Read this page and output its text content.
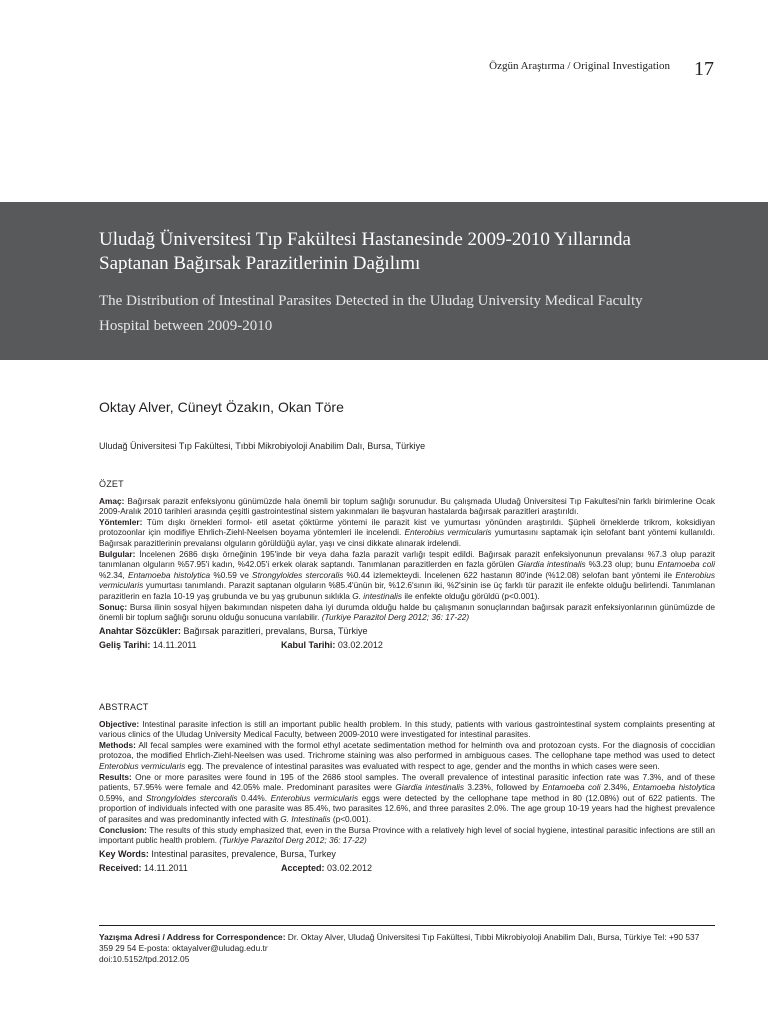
Özgün Araştırma / Original Investigation 17
Uludağ Üniversitesi Tıp Fakültesi Hastanesinde 2009-2010 Yıllarında
Saptanan Bağırsak Parazitlerinin Dağılımı
The Distribution of Intestinal Parasites Detected in the Uludag University Medical Faculty
Hospital between 2009-2010
Oktay Alver, Cüneyt Özakın, Okan Töre
Uludağ Üniversitesi Tıp Fakültesi, Tıbbi Mikrobiyoloji Anabilim Dalı, Bursa, Türkiye
ÖZET

Amaç: Bağırsak parazit enfeksiyonu günümüzde hala önemli bir toplum sağlığı sorunudur. Bu çalışmada Uludağ Üniversitesi Tıp Fakultesi'nin farklı birimlerine Ocak 2009-Aralık 2010 tarihleri arasında çeşitli gastrointestinal sistem yakınmaları ile başvuran hastalarda bağırsak parazitleri araştırıldı.
Yöntemler: Tüm dışkı örnekleri formol- etil asetat çöktürme yöntemi ile parazit kist ve yumurtası yönünden araştırıldı. Şüpheli örneklerde trikrom, koksidiyan protozoonlar için modifiye Ehrlich-Ziehl-Neelsen boyama yöntemleri ile incelendi. Enterobius vermicularis yumurtasını saptamak için selofant bant yöntemi kullanıldı. Bağırsak parazitlerinin prevalansı olguların görüldüğü aylar, yaşı ve cinsi dikkate alınarak irdelendi.
Bulgular: İncelenen 2686 dışkı örneğinin 195'inde bir veya daha fazla parazit varlığı tespit edildi. Bağırsak parazit enfeksiyonunun prevalansı %7.3 olup parazit tanımlanan olguların %57.95'i kadın, %42.05'i erkek olarak saptandı. Tanımlanan parazitlerden en fazla görülen Giardia intestinalis %3.23 olup; bunu Entamoeba coli %2.34, Entamoeba histolytica %0.59 ve Strongyloides stercoralis %0.44 izlemekteydi. İncelenen 622 hastanın 80'inde (%12.08) selofan bant yöntemi ile Enterobius vermicularis yumurtası tanımlandı. Parazit saptanan olguların %85.4'ünün bir, %12.6'sının iki, %2'sinin ise üç farklı tür parazit ile enfekte olduğu belirlendi. Tanımlanan parazitlerin en fazla 10-19 yaş grubunda ve bu yaş grubunun sıklıkla G. intestinalis ile enfekte olduğu görüldü (p<0.001).
Sonuç: Bursa ilinin sosyal hijyen bakımından nispeten daha iyi durumda olduğu halde bu çalışmanın sonuçlarından bağırsak parazit enfeksiyonlarının günümüzde de önemli bir toplum sağlığı sorunu olduğu sonucuna varılabilir. (Turkiye Parazitol Derg 2012; 36: 17-22)

Anahtar Sözcükler: Bağırsak parazitleri, prevalans, Bursa, Türkiye
Geliş Tarihi: 14.11.2011	Kabul Tarihi: 03.02.2012
ABSTRACT

Objective: Intestinal parasite infection is still an important public health problem. In this study, patients with various gastrointestinal system complaints presenting at various clinics of the Uludag University Medical Faculty, between 2009-2010 were investigated for intestinal parasites.
Methods: All fecal samples were examined with the formol ethyl acetate sedimentation method for helminth ova and protozoan cysts. For the diagnosis of coccidian protozoa, the modified Ehrlich-Ziehl-Neelsen was used. Trichrome staining was also performed in ambiguous cases. The cellophane tape method was used to detect Enterobius vermicularis egg. The prevalence of intestinal parasites was evaluated with respect to age, gender and the months in which cases were seen.
Results: One or more parasites were found in 195 of the 2686 stool samples. The overall prevalence of intestinal parasitic infection rate was 7.3%, and of these patients, 57.95% were female and 42.05% male. Predominant parasites were Giardia intestinalis 3.23%, followed by Entamoeba coli 2.34%, Entamoeba histolytica 0.59%, and Strongyloides stercoralis 0.44%. Enterobius vermicularis eggs were detected by the cellophane tape method in 80 (12.08%) out of 622 patients. The proportion of individuals infected with one parasite was 85.4%, two parasites 12.6%, and three parasites 2.0%. The age group 10-19 years had the highest prevalence of parasites and was predominantly infected with G. Intestinalis (p<0.001).
Conclusion: The results of this study emphasized that, even in the Bursa Province with a relatively high level of social hygiene, intestinal parasitic infections are still an important public health problem. (Turkiye Parazitol Derg 2012; 36: 17-22)

Key Words: Intestinal parasites, prevalence, Bursa, Turkey
Received: 14.11.2011	Accepted: 03.02.2012
Yazışma Adresi / Address for Correspondence: Dr. Oktay Alver, Uludağ Üniversitesi Tıp Fakültesi, Tıbbi Mikrobiyoloji Anabilim Dalı, Bursa, Türkiye Tel: +90 537 359 29 54 E-posta: oktayalver@uludag.edu.tr
doi:10.5152/tpd.2012.05
